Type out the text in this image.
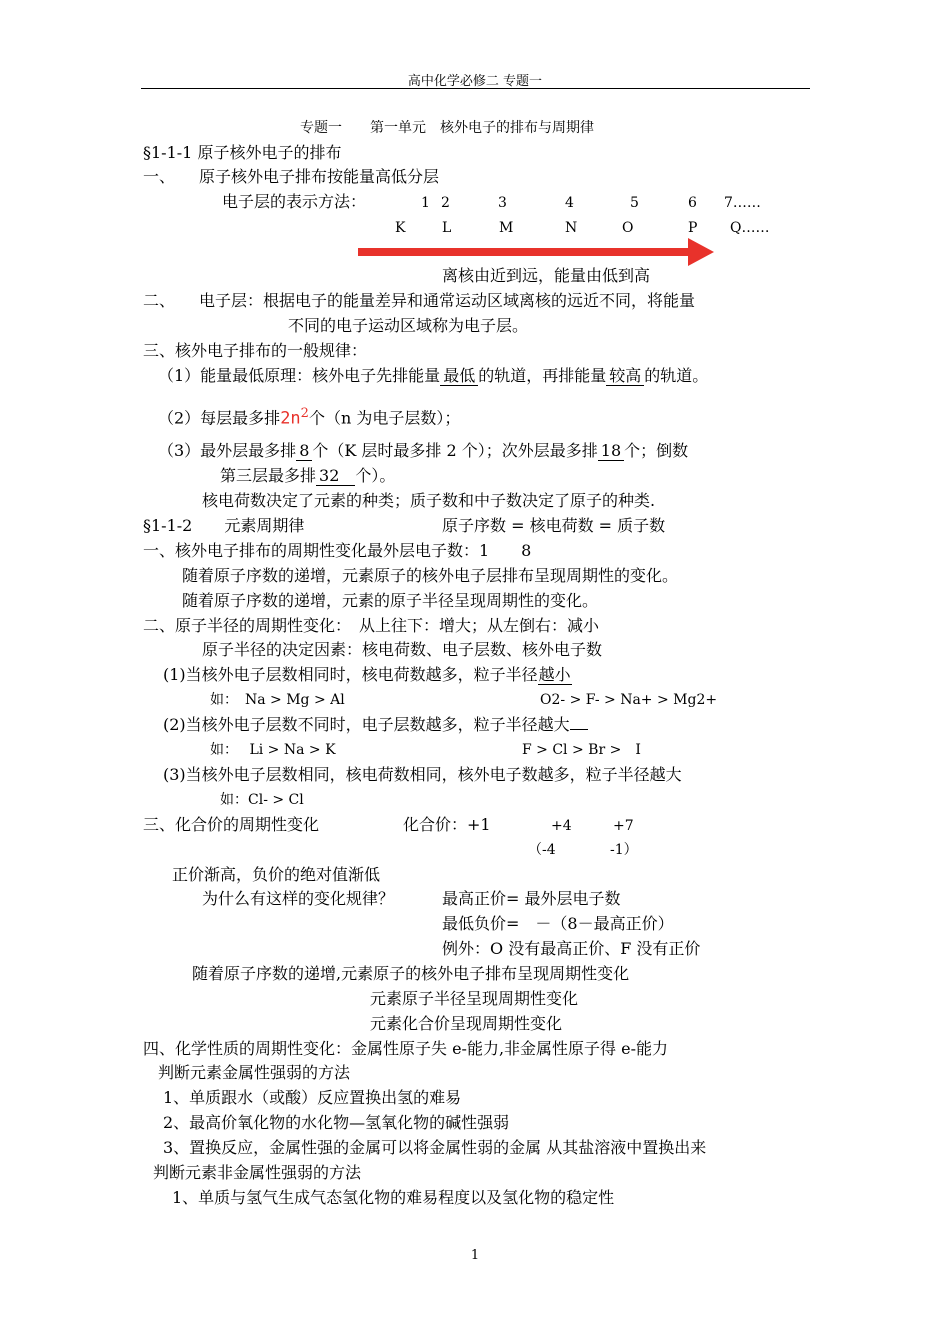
高中化学必修二 专题一
专题一　　第一单元　核外电子的排布与周期律
§1-1-1 原子核外电子的排布
一、　　原子核外电子排布按能量高低分层
电子层的表示方法：	1 2	3	4	5	6 7……
K	L	M	N	O	P Q……
离核由近到远，能量由低到高
二、　　电子层：根据电子的能量差异和通常运动区域离核的远近不同，将能量
不同的电子运动区域称为电子层。
三、核外电子排布的一般规律：
（1）能量最低原理：核外电子先排能量 最低 的轨道，再排能量 较高 的轨道。
（2）每层最多排$2n^2$个（n 为电子层数）；
（3）最外层最多排 8 个（K 层时最多排 2 个）；次外层最多排 18 个；倒数
第三层最多排 32 个）。
核电荷数决定了元素的种类；质子数和中子数决定了原子的种类.
§1-1-2　　元素周期律	原子序数 = 核电荷数 = 质子数
一、核外电子排布的周期性变化最外层电子数：1　　8
随着原子序数的递增，元素原子的核外电子层排布呈现周期性的变化。
随着原子序数的递增，元素的原子半径呈现周期性的变化。
二、原子半径的周期性变化：　从上往下：增大；从左倒右：减小
原子半径的决定因素：核电荷数、电子层数、核外电子数
(1)当核外电子层数相同时，核电荷数越多，粒子半径越小
如：　Na > Mg > Al	O2- > F- > Na+ > Mg2+
(2)当核外电子层数不同时，电子层数越多，粒子半径越大
如：　 Li > Na > K	F > Cl > Br >　I
(3)当核外电子层数相同，核电荷数相同，核外电子数越多，粒子半径越大
如：Cl- > Cl
三、化合价的周期性变化	化合价：+1	+4	+7
（-4	-1）
正价渐高，负价的绝对值渐低
为什么有这样的变化规律？	最高正价= 最外层电子数
最低负价=　－（8－最高正价）
例外：O 没有最高正价、F 没有正价
随着原子序数的递增,元素原子的核外电子排布呈现周期性变化
元素原子半径呈现周期性变化
元素化合价呈现周期性变化
四、化学性质的周期性变化：金属性原子失 e-能力,非金属性原子得 e-能力
判断元素金属性强弱的方法
1、单质跟水（或酸）反应置换出氢的难易
2、最高价氧化物的水化物—氢氧化物的碱性强弱
3、置换反应，金属性强的金属可以将金属性弱的金属 从其盐溶液中置换出来
判断元素非金属性强弱的方法
1、单质与氢气生成气态氢化物的难易程度以及氢化物的稳定性
1
